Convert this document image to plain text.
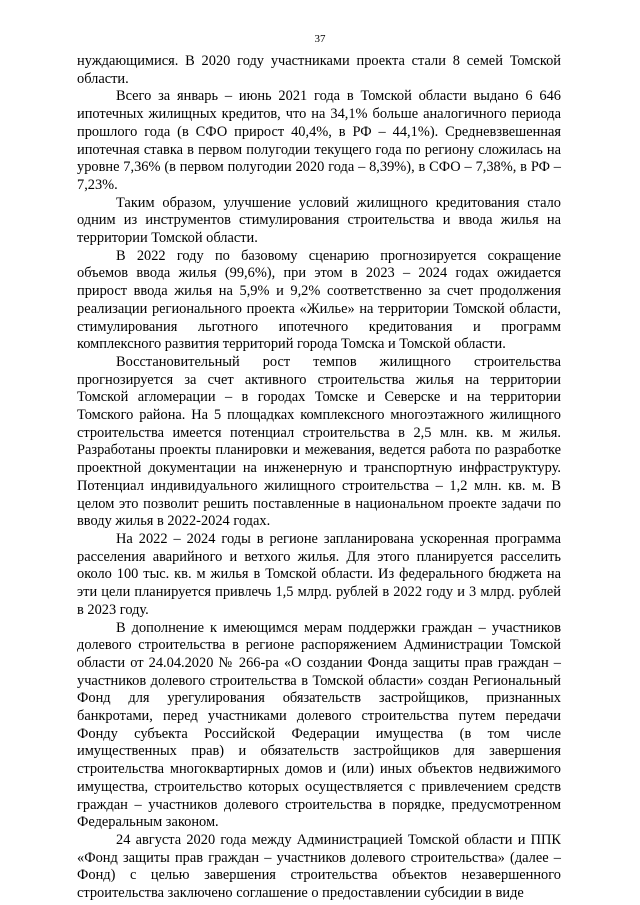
37

нуждающимися. В 2020 году участниками проекта стали 8 семей Томской области.

Всего за январь – июнь 2021 года в Томской области выдано 6 646 ипотечных жилищных кредитов, что на 34,1% больше аналогичного периода прошлого года (в СФО прирост 40,4%, в РФ – 44,1%). Средневзвешенная ипотечная ставка в первом полугодии текущего года по региону сложилась на уровне 7,36% (в первом полугодии 2020 года – 8,39%), в СФО – 7,38%, в РФ – 7,23%.

Таким образом, улучшение условий жилищного кредитования стало одним из инструментов стимулирования строительства и ввода жилья на территории Томской области.

В 2022 году по базовому сценарию прогнозируется сокращение объемов ввода жилья (99,6%), при этом в 2023 – 2024 годах ожидается прирост ввода жилья на 5,9% и 9,2% соответственно за счет продолжения реализации регионального проекта «Жилье» на территории Томской области, стимулирования льготного ипотечного кредитования и программ комплексного развития территорий города Томска и Томской области.

Восстановительный рост темпов жилищного строительства прогнозируется за счет активного строительства жилья на территории Томской агломерации – в городах Томске и Северске и на территории Томского района. На 5 площадках комплексного многоэтажного жилищного строительства имеется потенциал строительства в 2,5 млн. кв. м жилья. Разработаны проекты планировки и межевания, ведется работа по разработке проектной документации на инженерную и транспортную инфраструктуру. Потенциал индивидуального жилищного строительства – 1,2 млн. кв. м. В целом это позволит решить поставленные в национальном проекте задачи по вводу жилья в 2022-2024 годах.

На 2022 – 2024 годы в регионе запланирована ускоренная программа расселения аварийного и ветхого жилья. Для этого планируется расселить около 100 тыс. кв. м жилья в Томской области. Из федерального бюджета на эти цели планируется привлечь 1,5 млрд. рублей в 2022 году и 3 млрд. рублей в 2023 году.

В дополнение к имеющимся мерам поддержки граждан – участников долевого строительства в регионе распоряжением Администрации Томской области от 24.04.2020 № 266-ра «О создании Фонда защиты прав граждан – участников долевого строительства в Томской области» создан Региональный Фонд для урегулирования обязательств застройщиков, признанных банкротами, перед участниками долевого строительства путем передачи Фонду субъекта Российской Федерации имущества (в том числе имущественных прав) и обязательств застройщиков для завершения строительства многоквартирных домов и (или) иных объектов недвижимого имущества, строительство которых осуществляется с привлечением средств граждан – участников долевого строительства в порядке, предусмотренном Федеральным законом.

24 августа 2020 года между Администрацией Томской области и ППК «Фонд защиты прав граждан – участников долевого строительства» (далее – Фонд) с целью завершения строительства объектов незавершенного строительства заключено соглашение о предоставлении субсидии в виде
